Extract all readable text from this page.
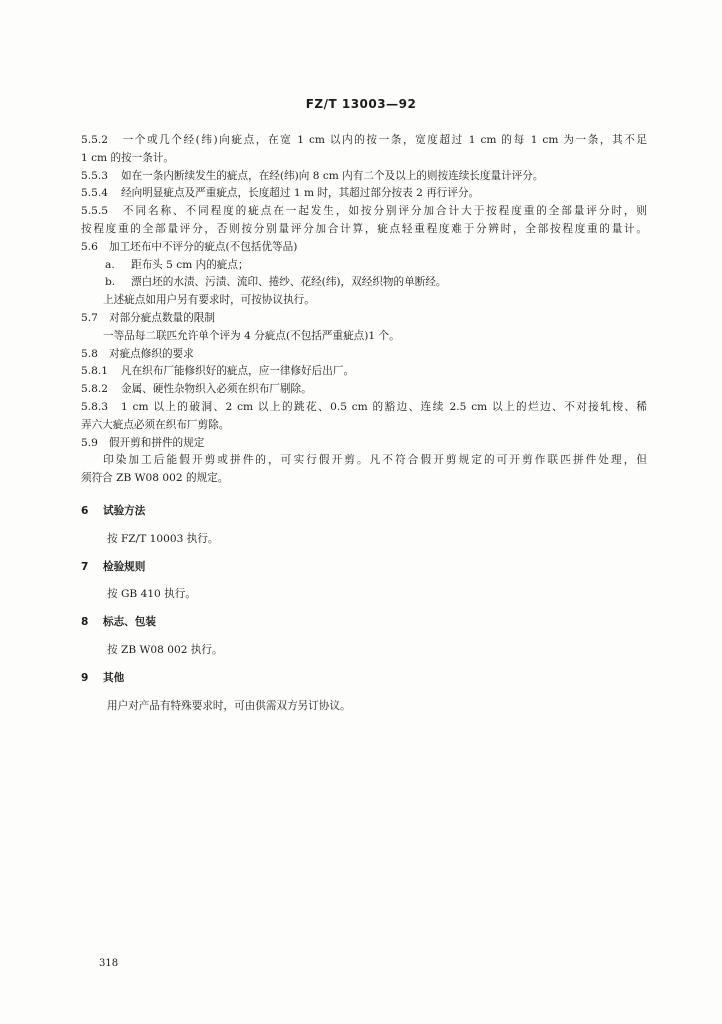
FZ/T 13003—92
5.5.2 一个或几个经(纬)向疵点，在宽 1 cm 以内的按一条，宽度超过 1 cm 的每 1 cm 为一条，其不足
1 cm 的按一条计。
5.5.3 如在一条内断续发生的疵点，在经(纬)向 8 cm 内有二个及以上的则按连续长度量计评分。
5.5.4 经向明显疵点及严重疵点，长度超过 1 m 时，其超过部分按表 2 再行评分。
5.5.5 不同名称、不同程度的疵点在一起发生，如按分别评分加合计大于按程度重的全部量评分时，则
按程度重的全部量评分，否则按分别量评分加合计算，疵点轻重程度难于分辨时，全部按程度重的量计。
5.6 加工坯布中不评分的疵点(不包括优等品)
a. 距布头 5 cm 内的疵点；
b. 漂白坯的水渍、污渍、流印、捲纱、花经(纬)，双经织物的单断经。
上述疵点如用户另有要求时，可按协议执行。
5.7 对部分疵点数量的限制
一等品每二联匹允许单个评为 4 分疵点(不包括严重疵点)1 个。
5.8 对疵点修织的要求
5.8.1 凡在织布厂能修织好的疵点，应一律修好后出厂。
5.8.2 金属、硬性杂物织入必须在织布厂剔除。
5.8.3 1 cm 以上的破洞、2 cm 以上的跳花、0.5 cm 的豁边、连续 2.5 cm 以上的烂边、不对接轧梭、稀
弄六大疵点必须在织布厂剪除。
5.9 假开剪和拼件的规定
印染加工后能假开剪或拼件的，可实行假开剪。凡不符合假开剪规定的可开剪作联匹拼件处理，但
须符合 ZB W08 002 的规定。
6 试验方法
按 FZ/T 10003 执行。
7 检验规则
按 GB 410 执行。
8 标志、包装
按 ZB W08 002 执行。
9 其他
用户对产品有特殊要求时，可由供需双方另订协议。
318
